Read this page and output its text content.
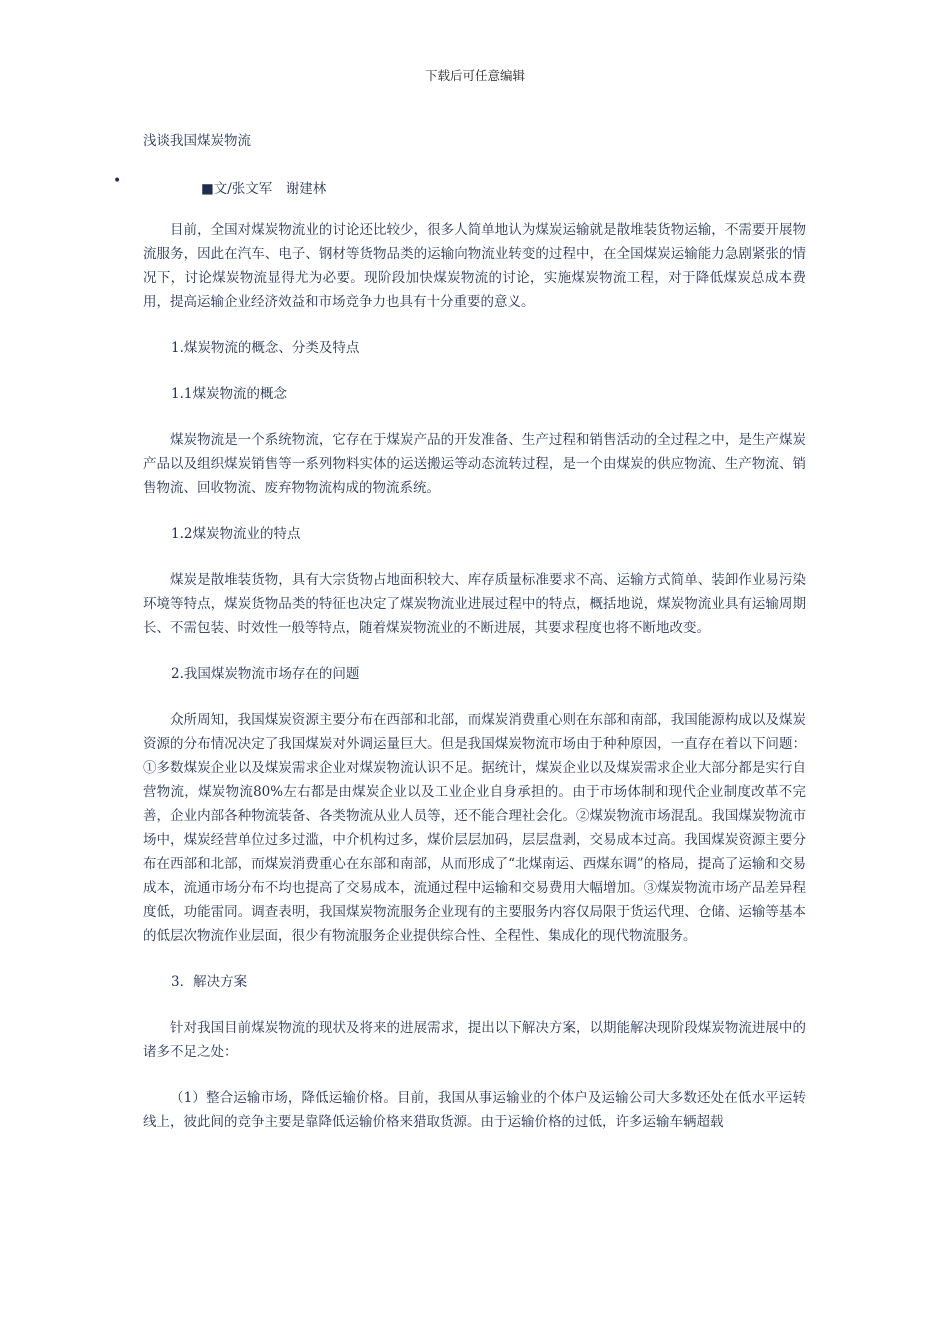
下载后可任意编辑
浅谈我国煤炭物流
•	■文/张文军　谢建林

目前，全国对煤炭物流业的讨论还比较少，很多人简单地认为煤炭运输就是散堆装货物运输，不需要开展物流服务，因此在汽车、电子、钢材等货物品类的运输向物流业转变的过程中，在全国煤炭运输能力急剧紧张的情况下，讨论煤炭物流显得尤为必要。现阶段加快煤炭物流的讨论，实施煤炭物流工程，对于降低煤炭总成本费用，提高运输企业经济效益和市场竞争力也具有十分重要的意义。

1.煤炭物流的概念、分类及特点

1.1煤炭物流的概念

煤炭物流是一个系统物流，它存在于煤炭产品的开发准备、生产过程和销售活动的全过程之中，是生产煤炭产品以及组织煤炭销售等一系列物料实体的运送搬运等动态流转过程，是一个由煤炭的供应物流、生产物流、销售物流、回收物流、废弃物物流构成的物流系统。

1.2煤炭物流业的特点

煤炭是散堆装货物，具有大宗货物占地面积较大、库存质量标准要求不高、运输方式简单、装卸作业易污染环境等特点，煤炭货物品类的特征也决定了煤炭物流业进展过程中的特点，概括地说，煤炭物流业具有运输周期长、不需包装、时效性一般等特点，随着煤炭物流业的不断进展，其要求程度也将不断地改变。

2.我国煤炭物流市场存在的问题

众所周知，我国煤炭资源主要分布在西部和北部，而煤炭消费重心则在东部和南部，我国能源构成以及煤炭资源的分布情况决定了我国煤炭对外调运量巨大。但是我国煤炭物流市场由于种种原因，一直存在着以下问题：①多数煤炭企业以及煤炭需求企业对煤炭物流认识不足。据统计，煤炭企业以及煤炭需求企业大部分都是实行自营物流，煤炭物流80%左右都是由煤炭企业以及工业企业自身承担的。由于市场体制和现代企业制度改革不完善，企业内部各种物流装备、各类物流从业人员等，还不能合理社会化。②煤炭物流市场混乱。我国煤炭物流市场中，煤炭经营单位过多过滥，中介机构过多，煤价层层加码，层层盘剥，交易成本过高。我国煤炭资源主要分布在西部和北部，而煤炭消费重心在东部和南部，从而形成了“北煤南运、西煤东调”的格局，提高了运输和交易成本，流通市场分布不均也提高了交易成本，流通过程中运输和交易费用大幅增加。③煤炭物流市场产品差异程度低，功能雷同。调查表明，我国煤炭物流服务企业现有的主要服务内容仅局限于货运代理、仓储、运输等基本的低层次物流作业层面，很少有物流服务企业提供综合性、全程性、集成化的现代物流服务。

3．解决方案

针对我国目前煤炭物流的现状及将来的进展需求，提出以下解决方案，以期能解决现阶段煤炭物流进展中的诸多不足之处：

（1）整合运输市场，降低运输价格。目前，我国从事运输业的个体户及运输公司大多数还处在低水平运转线上，彼此间的竞争主要是靠降低运输价格来猎取货源。由于运输价格的过低，许多运输车辆超载
